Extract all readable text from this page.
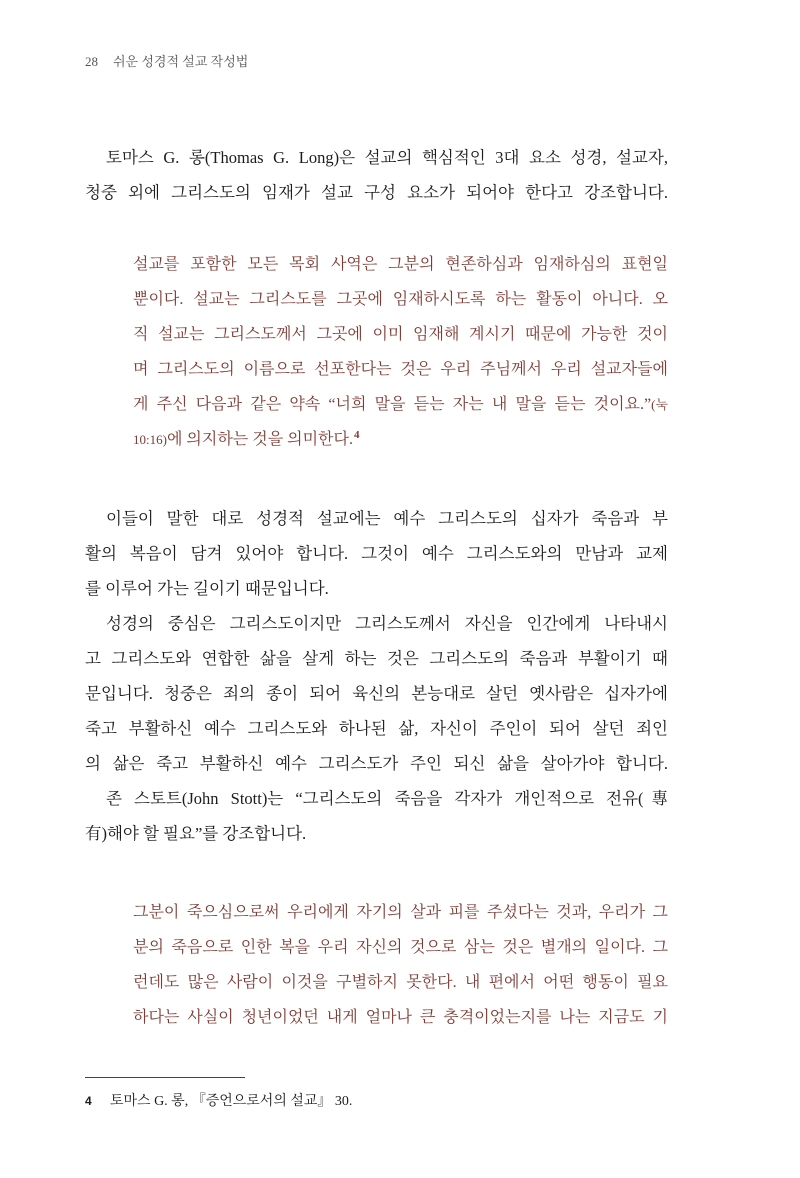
28 쉬운 성경적 설교 작성법
토마스 G. 롱(Thomas G. Long)은 설교의 핵심적인 3대 요소 성경, 설교자,
청중 외에 그리스도의 임재가 설교 구성 요소가 되어야 한다고 강조합니다.
설교를 포함한 모든 목회 사역은 그분의 현존하심과 임재하심의 표현일
뿐이다. 설교는 그리스도를 그곳에 임재하시도록 하는 활동이 아니다. 오
직 설교는 그리스도께서 그곳에 이미 임재해 계시기 때문에 가능한 것이
며 그리스도의 이름으로 선포한다는 것은 우리 주님께서 우리 설교자들에
게 주신 다음과 같은 약속 “너희 말을 듣는 자는 내 말을 듣는 것이요.”(눅
10:16)에 의지하는 것을 의미한다.$^4$
이들이 말한 대로 성경적 설교에는 예수 그리스도의 십자가 죽음과 부
활의 복음이 담겨 있어야 합니다. 그것이 예수 그리스도와의 만남과 교제
를 이루어 가는 길이기 때문입니다.
성경의 중심은 그리스도이지만 그리스도께서 자신을 인간에게 나타내시
고 그리스도와 연합한 삶을 살게 하는 것은 그리스도의 죽음과 부활이기 때
문입니다. 청중은 죄의 종이 되어 육신의 본능대로 살던 옛사람은 십자가에
죽고 부활하신 예수 그리스도와 하나된 삶, 자신이 주인이 되어 살던 죄인
의 삶은 죽고 부활하신 예수 그리스도가 주인 되신 삶을 살아가야 합니다.
존 스토트(John Stott)는 “그리스도의 죽음을 각자가 개인적으로 전유(專
有)해야 할 필요”를 강조합니다.
그분이 죽으심으로써 우리에게 자기의 살과 피를 주셨다는 것과, 우리가 그
분의 죽음으로 인한 복을 우리 자신의 것으로 삼는 것은 별개의 일이다. 그
런데도 많은 사람이 이것을 구별하지 못한다. 내 편에서 어떤 행동이 필요
하다는 사실이 청년이었던 내게 얼마나 큰 충격이었는지를 나는 지금도 기
4 토마스 G. 롱, 『증언으로서의 설교』 30.
